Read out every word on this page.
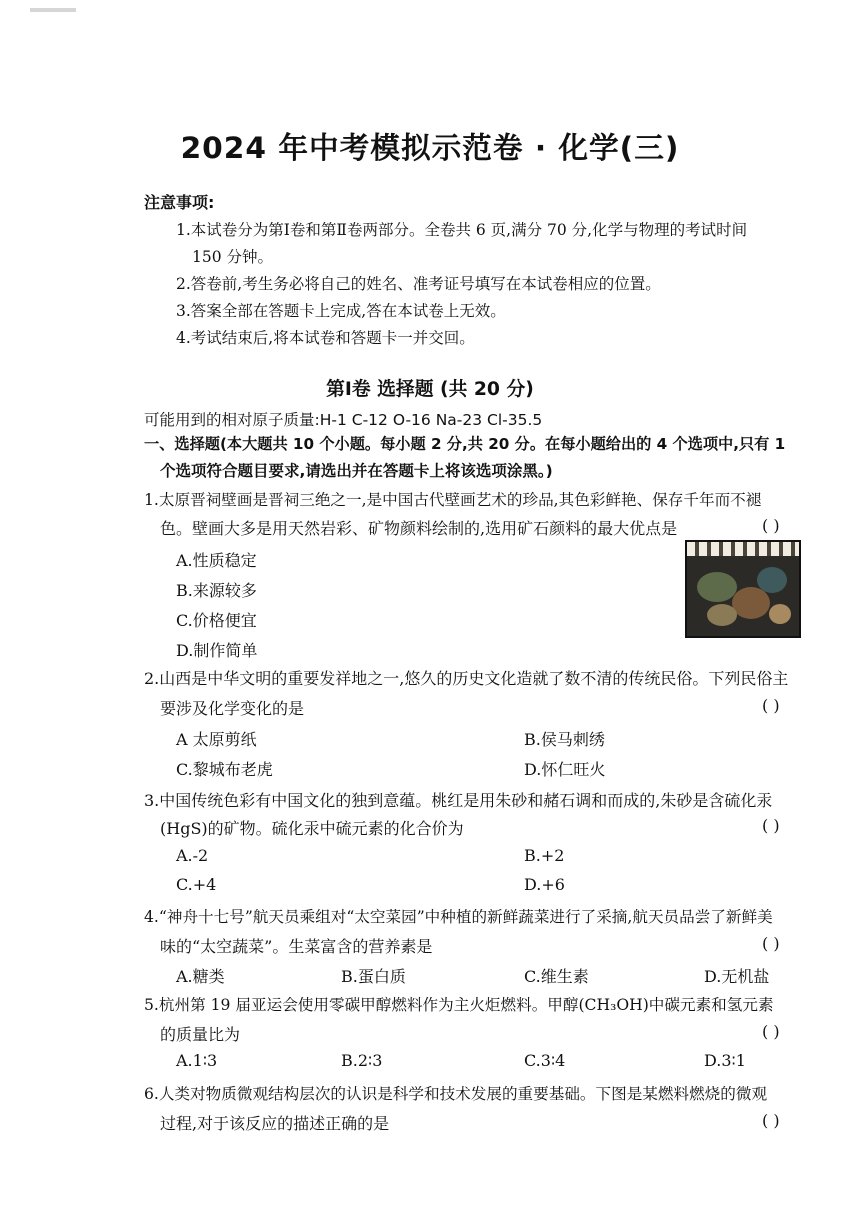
2024 年中考模拟示范卷 · 化学(三)
注意事项:
1.本试卷分为第Ⅰ卷和第Ⅱ卷两部分。全卷共 6 页,满分 70 分,化学与物理的考试时间
150 分钟。
2.答卷前,考生务必将自己的姓名、准考证号填写在本试卷相应的位置。
3.答案全部在答题卡上完成,答在本试卷上无效。
4.考试结束后,将本试卷和答题卡一并交回。
第Ⅰ卷 选择题 (共 20 分)
可能用到的相对原子质量:H-1 C-12 O-16 Na-23 Cl-35.5
一、选择题(本大题共 10 个小题。每小题 2 分,共 20 分。在每小题给出的 4 个选项中,只有 1
个选项符合题目要求,请选出并在答题卡上将该选项涂黑。)
1.太原晋祠壁画是晋祠三绝之一,是中国古代壁画艺术的珍品,其色彩鲜艳、保存千年而不褪
色。壁画大多是用天然岩彩、矿物颜料绘制的,选用矿石颜料的最大优点是	( )
A.性质稳定
B.来源较多
C.价格便宜
D.制作简单
2.山西是中华文明的重要发祥地之一,悠久的历史文化造就了数不清的传统民俗。下列民俗主
要涉及化学变化的是	( )
A 太原剪纸	B.侯马刺绣
C.黎城布老虎	D.怀仁旺火
3.中国传统色彩有中国文化的独到意蕴。桃红是用朱砂和赭石调和而成的,朱砂是含硫化汞
(HgS)的矿物。硫化汞中硫元素的化合价为	( )
A.-2	B.+2
C.+4	D.+6
4.“神舟十七号”航天员乘组对“太空菜园”中种植的新鲜蔬菜进行了采摘,航天员品尝了新鲜美
味的“太空蔬菜”。生菜富含的营养素是	( )
A.糖类	B.蛋白质	C.维生素	D.无机盐
5.杭州第 19 届亚运会使用零碳甲醇燃料作为主火炬燃料。甲醇(CH₃OH)中碳元素和氢元素
的质量比为	( )
A.1∶3	B.2∶3	C.3∶4	D.3∶1
6.人类对物质微观结构层次的认识是科学和技术发展的重要基础。下图是某燃料燃烧的微观
过程,对于该反应的描述正确的是	( )
